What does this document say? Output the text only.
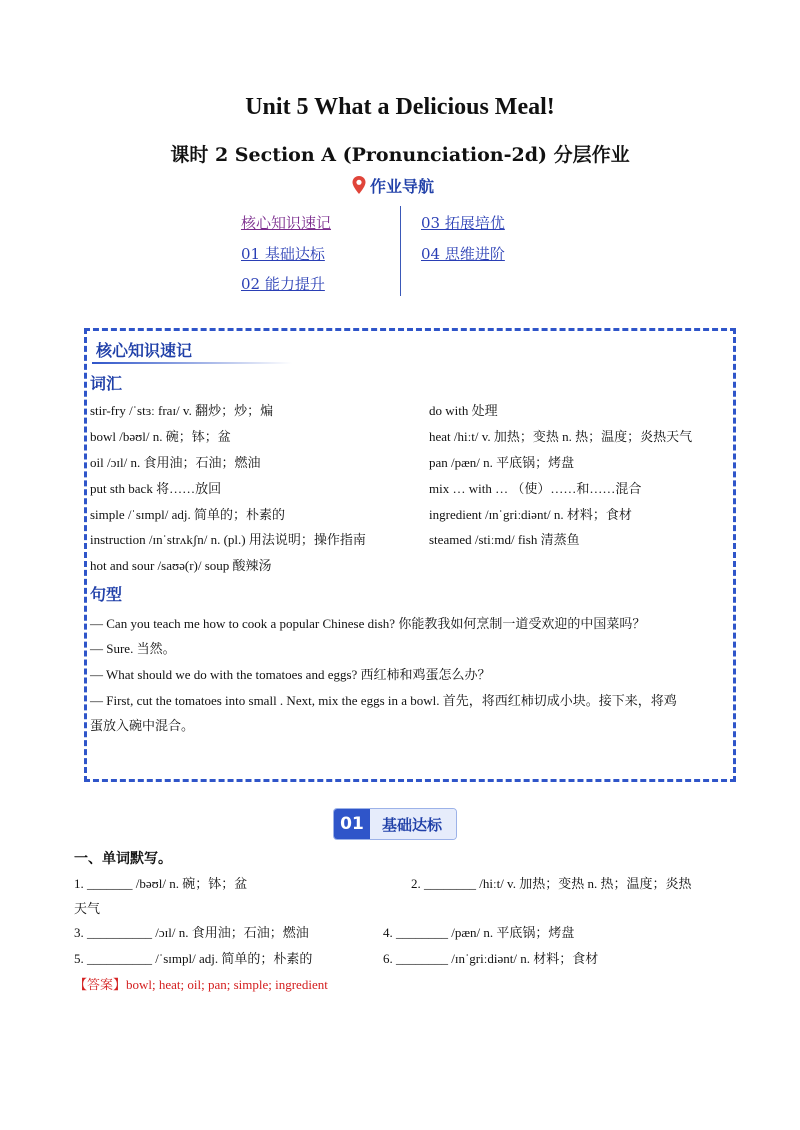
Unit 5 What a Delicious Meal!
课时 2 Section A (Pronunciation-2d) 分层作业
作业导航
核心知识速记
01 基础达标
02 能力提升
03 拓展培优
04 思维进阶
核心知识速记
词汇
stir-fry /ˈstɜː fraɪ/ v. 翻炒；炒；煸
bowl /bəʊl/ n. 碗；钵；盆
oil /ɔɪl/ n. 食用油；石油；燃油
put sth back 将……放回
simple /ˈsɪmpl/ adj. 简单的；朴素的
instruction /ɪnˈstrʌkʃn/ n. (pl.) 用法说明；操作指南
hot and sour /saʊə(r)/ soup 酸辣汤
do with 处理
heat /hiːt/ v. 加热；变热 n. 热；温度；炎热天气
pan /pæn/ n. 平底锅；烤盘
mix … with … （使）……和……混合
ingredient /ɪnˈgriːdiənt/ n. 材料；食材
steamed /stiːmd/ fish 清蒸鱼
句型
— Can you teach me how to cook a popular Chinese dish? 你能教我如何烹制一道受欢迎的中国菜吗？
— Sure. 当然。
— What should we do with the tomatoes and eggs? 西红柿和鸡蛋怎么办？
— First, cut the tomatoes into small . Next, mix the eggs in a bowl. 首先，将西红柿切成小块。接下来，将鸡
蛋放入碗中混合。
01	基础达标
一、单词默写。
1. _______ /bəʊl/ n. 碗；钵；盆	2. ________ /hiːt/ v. 加热；变热 n. 热；温度；炎热
天气
3. __________ /ɔɪl/ n. 食用油；石油；燃油	4. ________ /pæn/ n. 平底锅；烤盘
5. __________ /ˈsɪmpl/ adj. 简单的；朴素的	6. ________ /ɪnˈgriːdiənt/ n. 材料；食材
【答案】bowl; heat; oil; pan; simple; ingredient
